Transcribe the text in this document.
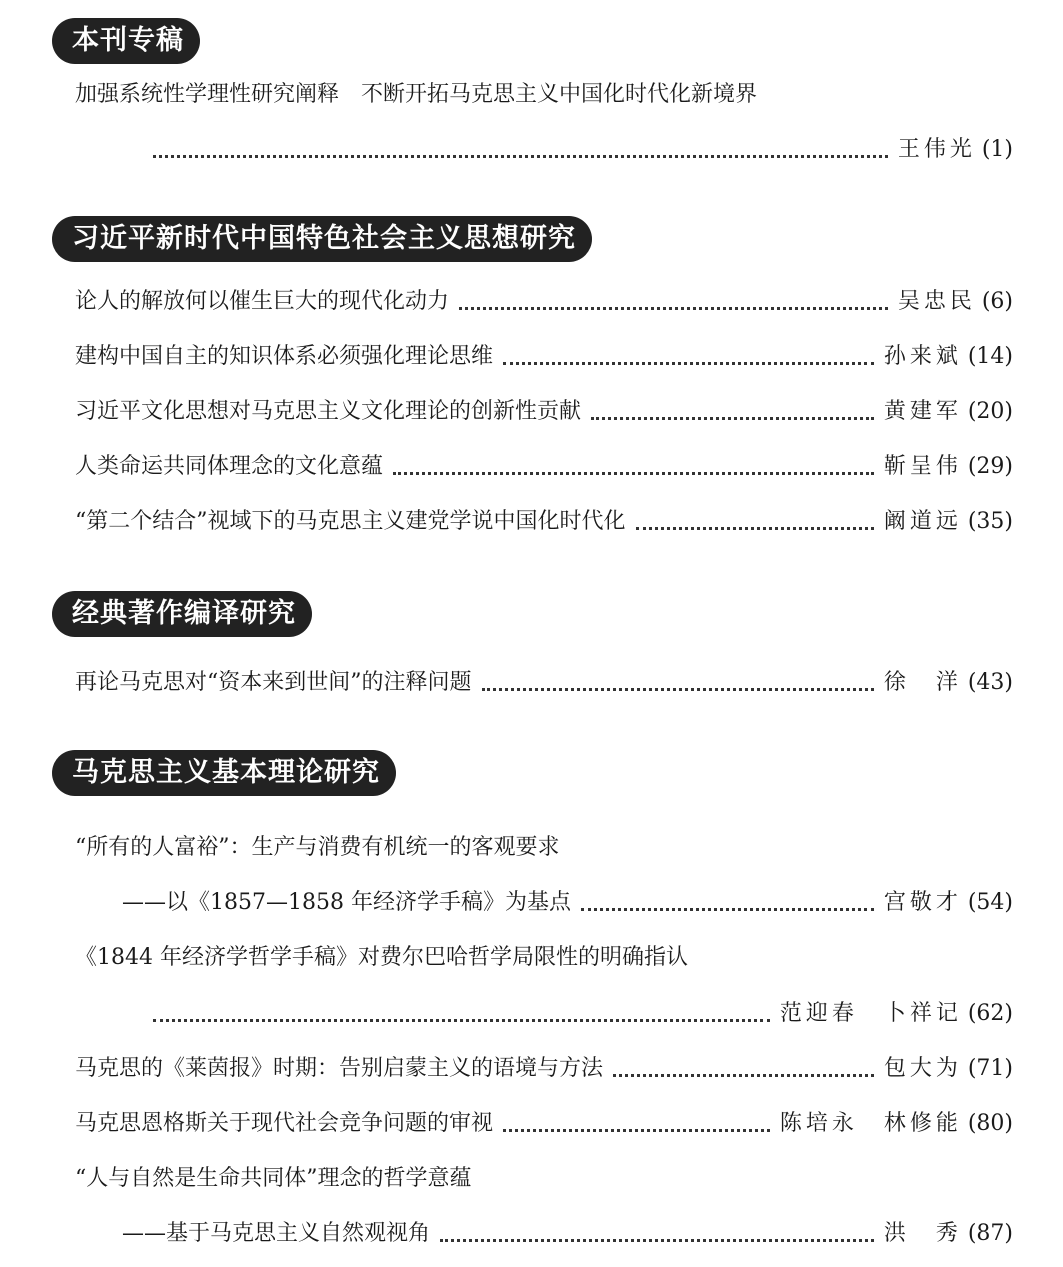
本刊专稿
加强系统性学理性研究阐释　不断开拓马克思主义中国化时代化新境界
王伟光 (1)
习近平新时代中国特色社会主义思想研究
论人的解放何以催生巨大的现代化动力	吴忠民 (6)
建构中国自主的知识体系必须强化理论思维	孙来斌 (14)
习近平文化思想对马克思主义文化理论的创新性贡献	黄建军 (20)
人类命运共同体理念的文化意蕴	靳呈伟 (29)
“第二个结合”视域下的马克思主义建党学说中国化时代化	阚道远 (35)
经典著作编译研究
再论马克思对“资本来到世间”的注释问题	徐　洋 (43)
马克思主义基本理论研究
“所有的人富裕”：生产与消费有机统一的客观要求
——以《1857—1858 年经济学手稿》为基点	宫敬才 (54)
《1844 年经济学哲学手稿》对费尔巴哈哲学局限性的明确指认
范迎春　卜祥记 (62)
马克思的《莱茵报》时期：告别启蒙主义的语境与方法	包大为 (71)
马克思恩格斯关于现代社会竞争问题的审视	陈培永　林修能 (80)
“人与自然是生命共同体”理念的哲学意蕴
——基于马克思主义自然观视角	洪　秀 (87)
